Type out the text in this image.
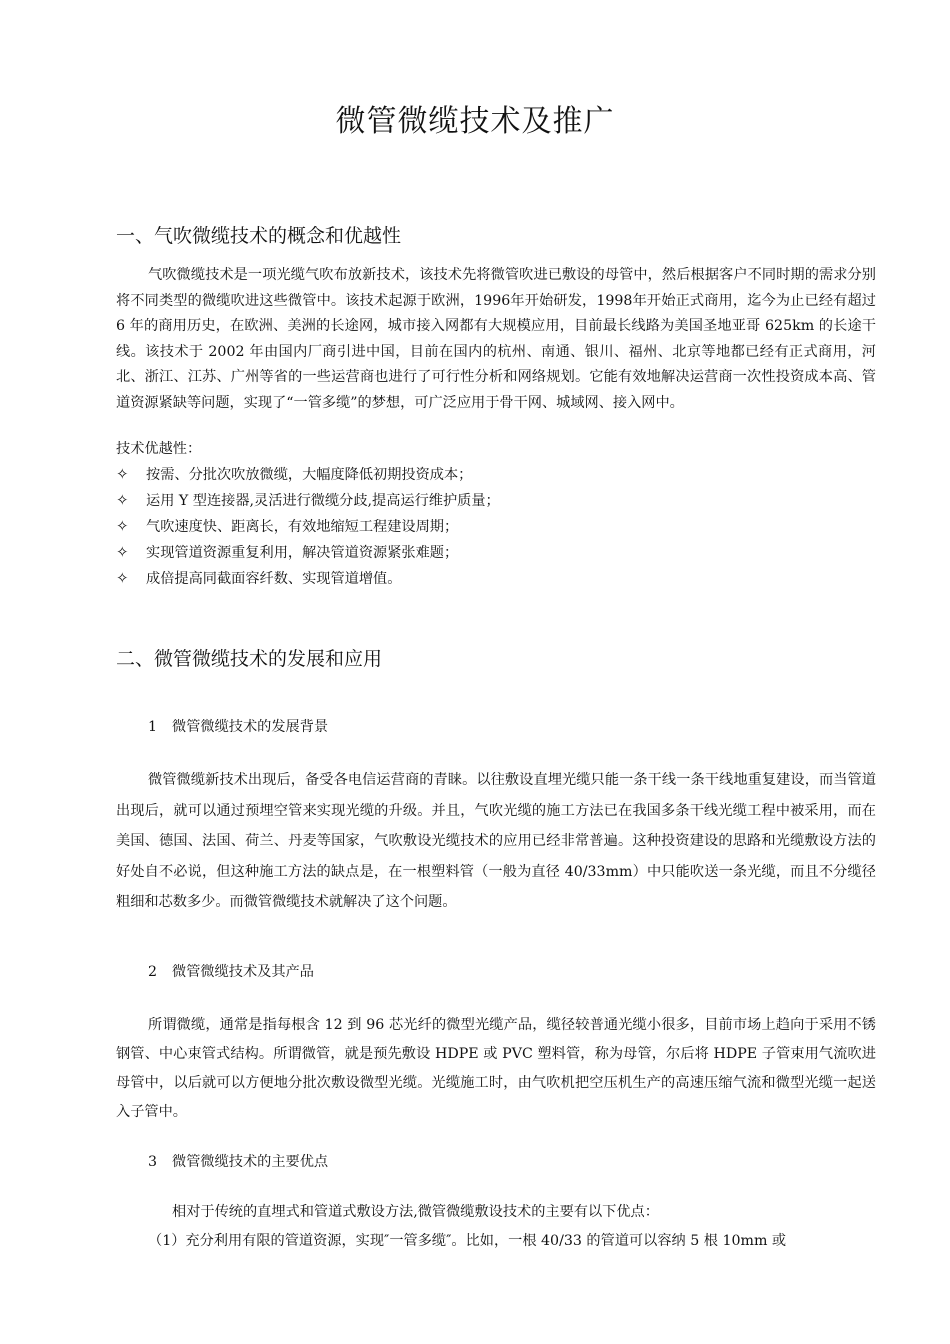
微管微缆技术及推广
一、气吹微缆技术的概念和优越性
气吹微缆技术是一项光缆气吹布放新技术，该技术先将微管吹进已敷设的母管中，然后根据客户不同时期的需求分别将不同类型的微缆吹进这些微管中。该技术起源于欧洲，1996年开始研发，1998年开始正式商用，迄今为止已经有超过 6 年的商用历史，在欧洲、美洲的长途网，城市接入网都有大规模应用，目前最长线路为美国圣地亚哥 625km 的长途干线。该技术于 2002 年由国内厂商引进中国，目前在国内的杭州、南通、银川、福州、北京等地都已经有正式商用，河北、浙江、江苏、广州等省的一些运营商也进行了可行性分析和网络规划。它能有效地解决运营商一次性投资成本高、管道资源紧缺等问题，实现了“一管多缆”的梦想，可广泛应用于骨干网、城域网、接入网中。
技术优越性：
✧ 按需、分批次吹放微缆，大幅度降低初期投资成本；
✧ 运用 Y 型连接器,灵活进行微缆分歧,提高运行维护质量；
✧ 气吹速度快、距离长，有效地缩短工程建设周期；
✧ 实现管道资源重复利用，解决管道资源紧张难题；
✧ 成倍提高同截面容纤数、实现管道增值。
二、微管微缆技术的发展和应用
1 微管微缆技术的发展背景
微管微缆新技术出现后，备受各电信运营商的青睐。以往敷设直埋光缆只能一条干线一条干线地重复建设，而当管道出现后，就可以通过预埋空管来实现光缆的升级。并且，气吹光缆的施工方法已在我国多条干线光缆工程中被采用，而在美国、德国、法国、荷兰、丹麦等国家，气吹敷设光缆技术的应用已经非常普遍。这种投资建设的思路和光缆敷设方法的好处自不必说，但这种施工方法的缺点是，在一根塑料管（一般为直径 40/33mm）中只能吹送一条光缆，而且不分缆径粗细和芯数多少。而微管微缆技术就解决了这个问题。
2 微管微缆技术及其产品
所谓微缆，通常是指每根含 12 到 96 芯光纤的微型光缆产品，缆径较普通光缆小很多，目前市场上趋向于采用不锈钢管、中心束管式结构。所谓微管，就是预先敷设 HDPE 或 PVC 塑料管，称为母管，尔后将 HDPE 子管束用气流吹进母管中，以后就可以方便地分批次敷设微型光缆。光缆施工时，由气吹机把空压机生产的高速压缩气流和微型光缆一起送入子管中。
3 微管微缆技术的主要优点
相对于传统的直埋式和管道式敷设方法,微管微缆敷设技术的主要有以下优点：
（1）充分利用有限的管道资源，实现″一管多缆″。比如，一根 40/33 的管道可以容纳 5 根 10mm 或
